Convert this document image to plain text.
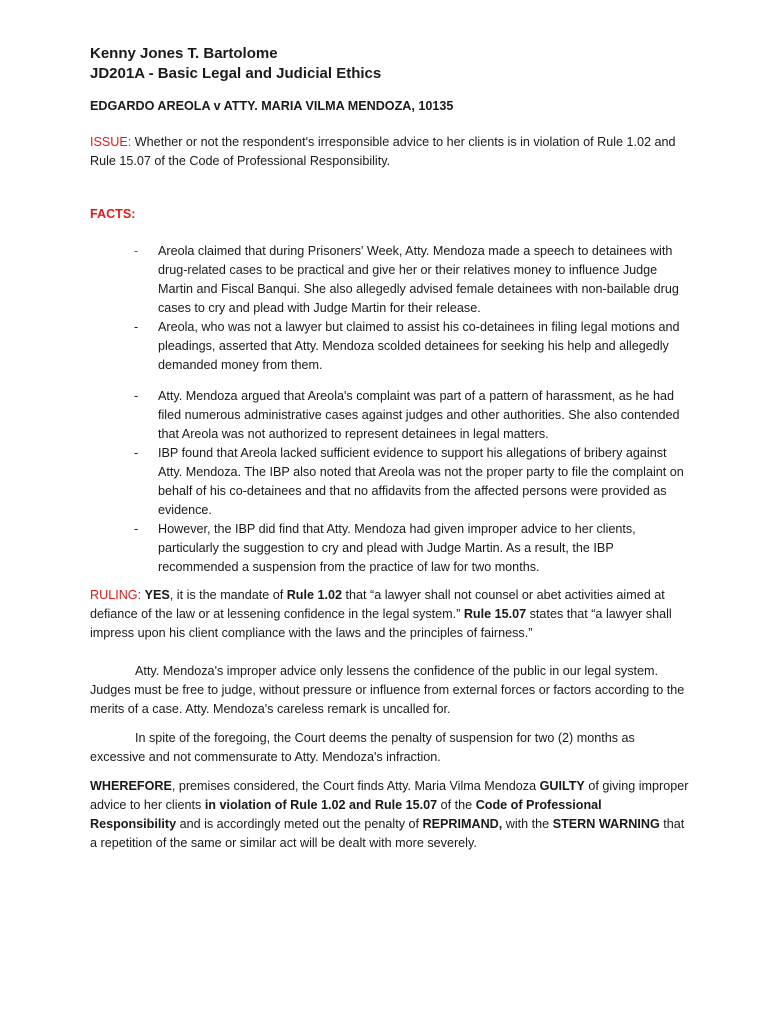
Kenny Jones T. Bartolome

JD201A - Basic Legal and Judicial Ethics

EDGARDO AREOLA v ATTY. MARIA VILMA MENDOZA, 10135

ISSUE: Whether or not the respondent's irresponsible advice to her clients is in violation of Rule 1.02 and Rule 15.07 of the Code of Professional Responsibility.

FACTS:

- Areola claimed that during Prisoners' Week, Atty. Mendoza made a speech to detainees with drug-related cases to be practical and give her or their relatives money to influence Judge Martin and Fiscal Banqui. She also allegedly advised female detainees with non-bailable drug cases to cry and plead with Judge Martin for their release.
- Areola, who was not a lawyer but claimed to assist his co-detainees in filing legal motions and pleadings, asserted that Atty. Mendoza scolded detainees for seeking his help and allegedly demanded money from them.
- Atty. Mendoza argued that Areola's complaint was part of a pattern of harassment, as he had filed numerous administrative cases against judges and other authorities. She also contended that Areola was not authorized to represent detainees in legal matters.
- IBP found that Areola lacked sufficient evidence to support his allegations of bribery against Atty. Mendoza. The IBP also noted that Areola was not the proper party to file the complaint on behalf of his co-detainees and that no affidavits from the affected persons were provided as evidence.
- However, the IBP did find that Atty. Mendoza had given improper advice to her clients, particularly the suggestion to cry and plead with Judge Martin. As a result, the IBP recommended a suspension from the practice of law for two months.

RULING: YES, it is the mandate of Rule 1.02 that “a lawyer shall not counsel or abet activities aimed at defiance of the law or at lessening confidence in the legal system.” Rule 15.07 states that “a lawyer shall impress upon his client compliance with the laws and the principles of fairness.”

Atty. Mendoza's improper advice only lessens the confidence of the public in our legal system. Judges must be free to judge, without pressure or influence from external forces or factors according to the merits of a case. Atty. Mendoza's careless remark is uncalled for.

In spite of the foregoing, the Court deems the penalty of suspension for two (2) months as excessive and not commensurate to Atty. Mendoza's infraction.

WHEREFORE, premises considered, the Court finds Atty. Maria Vilma Mendoza GUILTY of giving improper advice to her clients in violation of Rule 1.02 and Rule 15.07 of the Code of Professional Responsibility and is accordingly meted out the penalty of REPRIMAND, with the STERN WARNING that a repetition of the same or similar act will be dealt with more severely.
